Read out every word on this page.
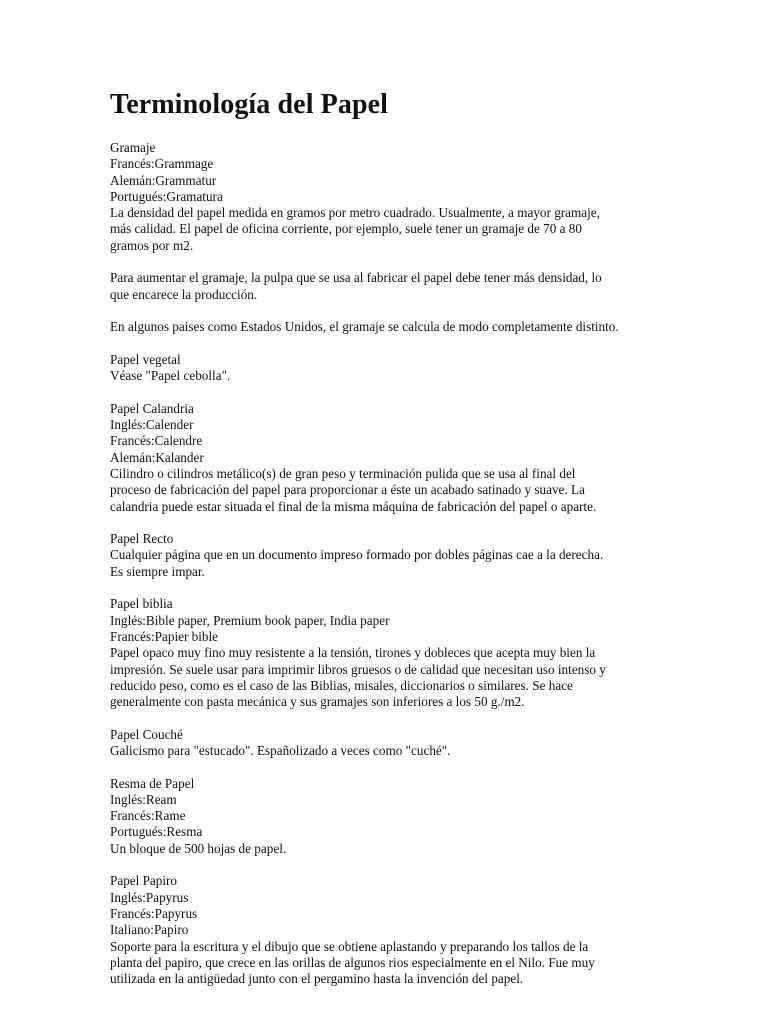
Terminología del Papel
Gramaje
Francés:Grammage
Alemán:Grammatur
Portugués:Gramatura
La densidad del papel medida en gramos por metro cuadrado. Usualmente, a mayor gramaje,
más calidad. El papel de oficina corriente, por ejemplo, suele tener un gramaje de 70 a 80
gramos por m2.
Para aumentar el gramaje, la pulpa que se usa al fabricar el papel debe tener más densidad, lo
que encarece la producción.
En algunos paises como Estados Unidos, el gramaje se calcula de modo completamente distinto.
Papel vegetal
Véase "Papel cebolla".
Papel Calandria
Inglés:Calender
Francés:Calendre
Alemán:Kalander
Cilindro o cilindros metálico(s) de gran peso y terminación pulida que se usa al final del
proceso de fabricación del papel para proporcionar a éste un acabado satinado y suave. La
calandria puede estar situada el final de la misma máquina de fabricación del papel o aparte.
Papel Recto
Cualquier página que en un documento impreso formado por dobles páginas cae a la derecha.
Es siempre impar.
Papel biblia
Inglés:Bible paper, Premium book paper, India paper
Francés:Papier bible
Papel opaco muy fino muy resistente a la tensión, tirones y dobleces que acepta muy bien la
impresión. Se suele usar para imprimir libros gruesos o de calidad que necesitan uso intenso y
reducido peso, como es el caso de las Biblias, misales, diccionarios o similares. Se hace
generalmente con pasta mecánica y sus gramajes son inferiores a los 50 g./m2.
Papel Couché
Galicismo para "estucado". Españolizado a veces como "cuché".
Resma de Papel
Inglés:Ream
Francés:Rame
Portugués:Resma
Un bloque de 500 hojas de papel.
Papel Papiro
Inglés:Papyrus
Francés:Papyrus
Italiano:Papiro
Soporte para la escritura y el dibujo que se obtiene aplastando y preparando los tallos de la
planta del papiro, que crece en las orillas de algunos rios especialmente en el Nilo. Fue muy
utilizada en la antigüedad junto con el pergamino hasta la invención del papel.
